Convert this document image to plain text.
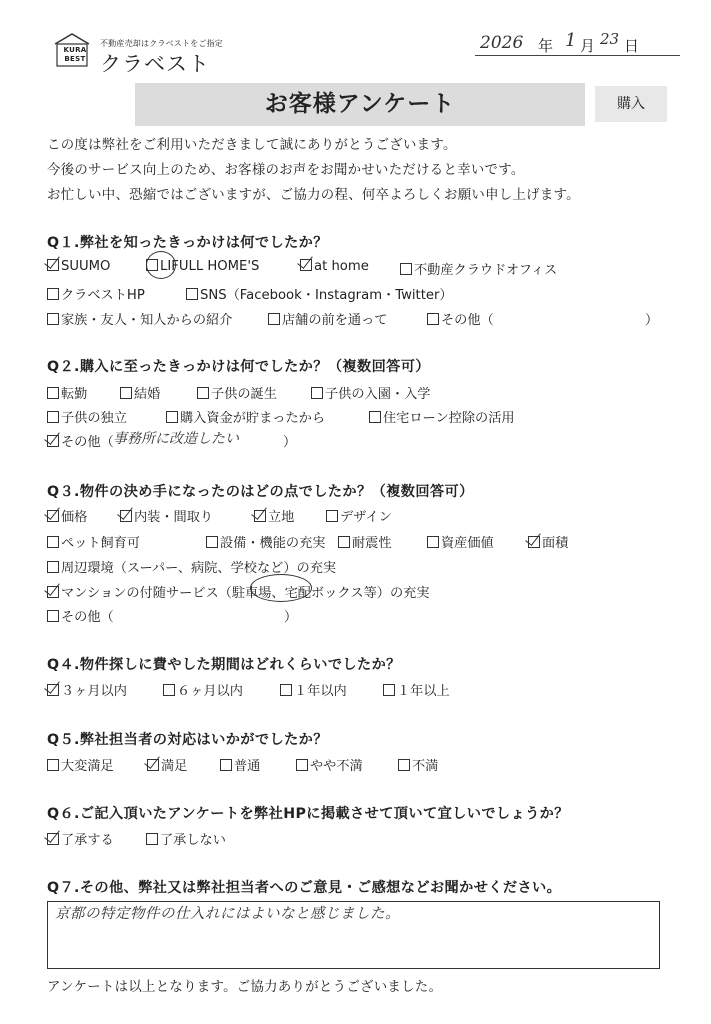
KURA
BEST
不動産売却はクラベストをご指定
クラベスト
2026 年 1 月 23 日
お客様アンケート	購入
この度は弊社をご利用いただきまして誠にありがとうございます。
今後のサービス向上のため、お客様のお声をお聞かせいただけると幸いです。
お忙しい中、恐縮ではございますが、ご協力の程、何卒よろしくお願い申し上げます。
Q１.弊社を知ったきっかけは何でしたか？
SUUMO	LIFULL HOME'S	at home	不動産クラウドオフィス
クラベストHP	SNS（Facebook・Instagram・Twitter）
家族・友人・知人からの紹介	店舗の前を通って	その他（	）
Q２.購入に至ったきっかけは何でしたか？（複数回答可）
転勤	結婚	子供の誕生	子供の入園・入学
子供の独立	購入資金が貯まったから	住宅ローン控除の活用
その他（ 事務所に改造したい	）
Q３.物件の決め手になったのはどの点でしたか？（複数回答可）
価格	内装・間取り	立地	デザイン
ペット飼育可	設備・機能の充実	耐震性	資産価値	面積
周辺環境（スーパー、病院、学校など）の充実
マンションの付随サービス（駐車場、宅配ボックス等）の充実
その他（	）
Q４.物件探しに費やした期間はどれくらいでしたか？
３ヶ月以内	６ヶ月以内	１年以内	１年以上
Q５.弊社担当者の対応はいかがでしたか？
大変満足	満足	普通	やや不満	不満
Q６.ご記入頂いたアンケートを弊社HPに掲載させて頂いて宜しいでしょうか？
了承する	了承しない
Q７.その他、弊社又は弊社担当者へのご意見・ご感想などお聞かせください。
京都の特定物件の仕入れにはよいなと感じました。
アンケートは以上となります。ご協力ありがとうございました。
